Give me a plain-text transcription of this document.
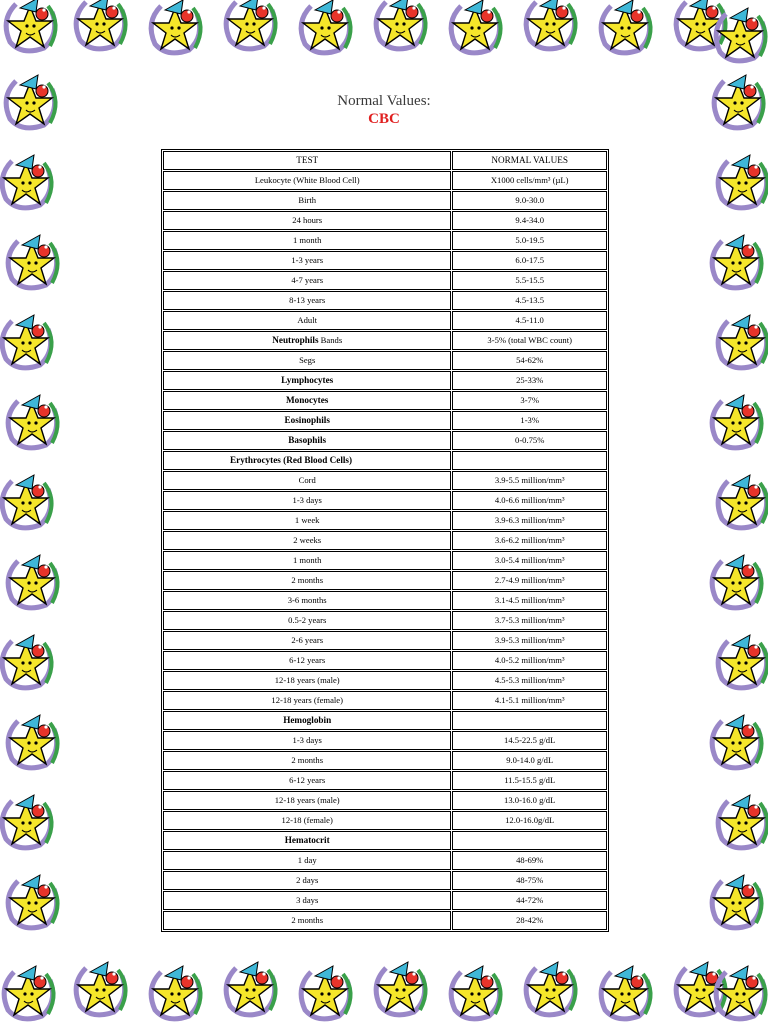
Normal Values:
CBC
TEST	NORMAL VALUES
Leukocyte (White Blood Cell)	X1000 cells/mm³ (µL)
Birth	9.0-30.0
24 hours	9.4-34.0
1 month	5.0-19.5
1-3 years	6.0-17.5
4-7 years	5.5-15.5
8-13 years	4.5-13.5
Adult	4.5-11.0
Neutrophils Bands	3-5% (total WBC count)
Segs	54-62%
Lymphocytes	25-33%
Monocytes	3-7%
Eosinophils	1-3%
Basophils	0-0.75%
Erythrocytes (Red Blood Cells)	
Cord	3.9-5.5 million/mm³
1-3 days	4.0-6.6 million/mm³
1 week	3.9-6.3 million/mm³
2 weeks	3.6-6.2 million/mm³
1 month	3.0-5.4 million/mm³
2 months	2.7-4.9 million/mm³
3-6 months	3.1-4.5 million/mm³
0.5-2 years	3.7-5.3 million/mm³
2-6 years	3.9-5.3 million/mm³
6-12 years	4.0-5.2 million/mm³
12-18 years (male)	4.5-5.3 million/mm³
12-18 years (female)	4.1-5.1 million/mm³
Hemoglobin	
1-3 days	14.5-22.5 g/dL
2 months	9.0-14.0 g/dL
6-12 years	11.5-15.5 g/dL
12-18 years (male)	13.0-16.0 g/dL
12-18 (female)	12.0-16.0g/dL
Hematocrit	
1 day	48-69%
2 days	48-75%
3 days	44-72%
2 months	28-42%
